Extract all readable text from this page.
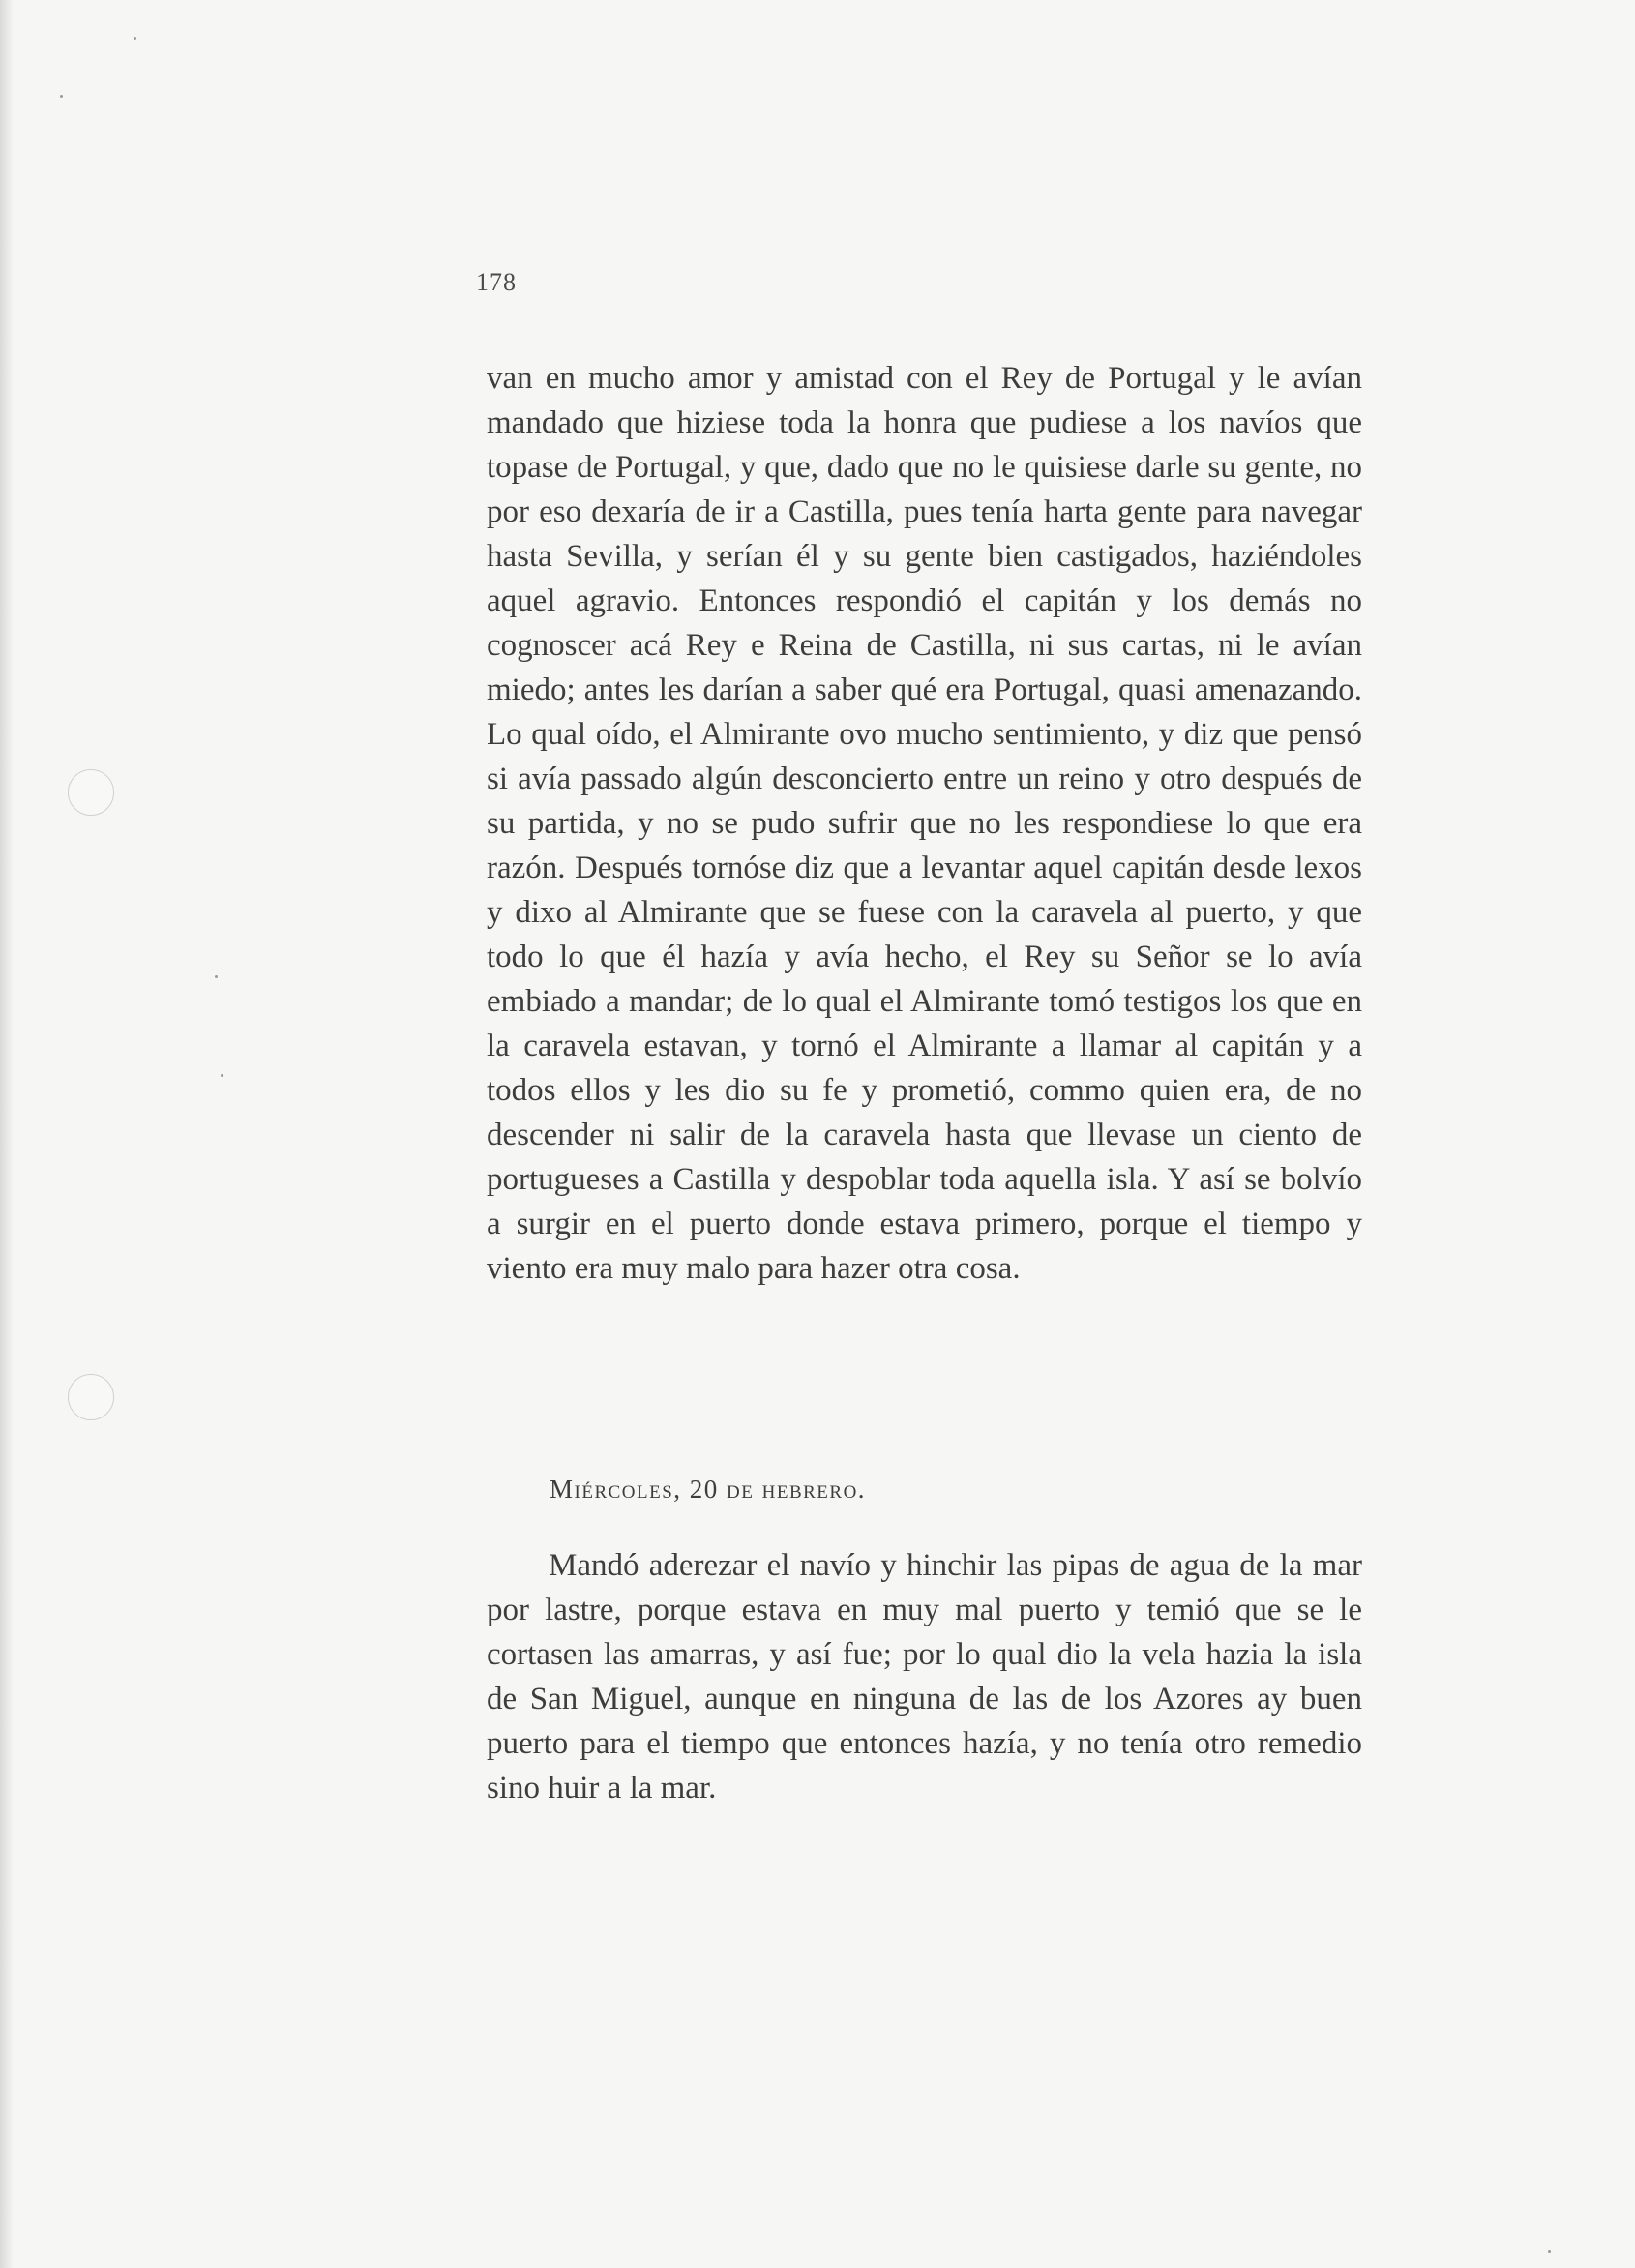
178
van en mucho amor y amistad con el Rey de Portugal y le avían mandado que hiziese toda la honra que pudiese a los navíos que topase de Portugal, y que, dado que no le quisiese darle su gente, no por eso dexaría de ir a Castilla, pues tenía harta gente para navegar hasta Sevilla, y serían él y su gente bien castigados, haziéndoles aquel agravio. Entonces respondió el capitán y los demás no cognoscer acá Rey e Reina de Castilla, ni sus cartas, ni le avían miedo; antes les darían a saber qué era Portugal, quasi amenazando. Lo qual oído, el Almirante ovo mucho sentimiento, y diz que pensó si avía passado algún desconcierto entre un reino y otro después de su partida, y no se pudo sufrir que no les respondiese lo que era razón. Después tornóse diz que a levantar aquel capitán desde lexos y dixo al Almirante que se fuese con la caravela al puerto, y que todo lo que él hazía y avía hecho, el Rey su Señor se lo avía embiado a mandar; de lo qual el Almirante tomó testigos los que en la caravela estavan, y tornó el Almirante a llamar al capitán y a todos ellos y les dio su fe y prometió, commo quien era, de no descender ni salir de la caravela hasta que llevase un ciento de portugueses a Castilla y despoblar toda aquella isla. Y así se bolvío a surgir en el puerto donde estava primero, porque el tiempo y viento era muy malo para hazer otra cosa.
Miércoles, 20 de hebrero.
Mandó aderezar el navío y hinchir las pipas de agua de la mar por lastre, porque estava en muy mal puerto y temió que se le cortasen las amarras, y así fue; por lo qual dio la vela hazia la isla de San Miguel, aunque en ninguna de las de los Azores ay buen puerto para el tiempo que entonces hazía, y no tenía otro remedio sino huir a la mar.
